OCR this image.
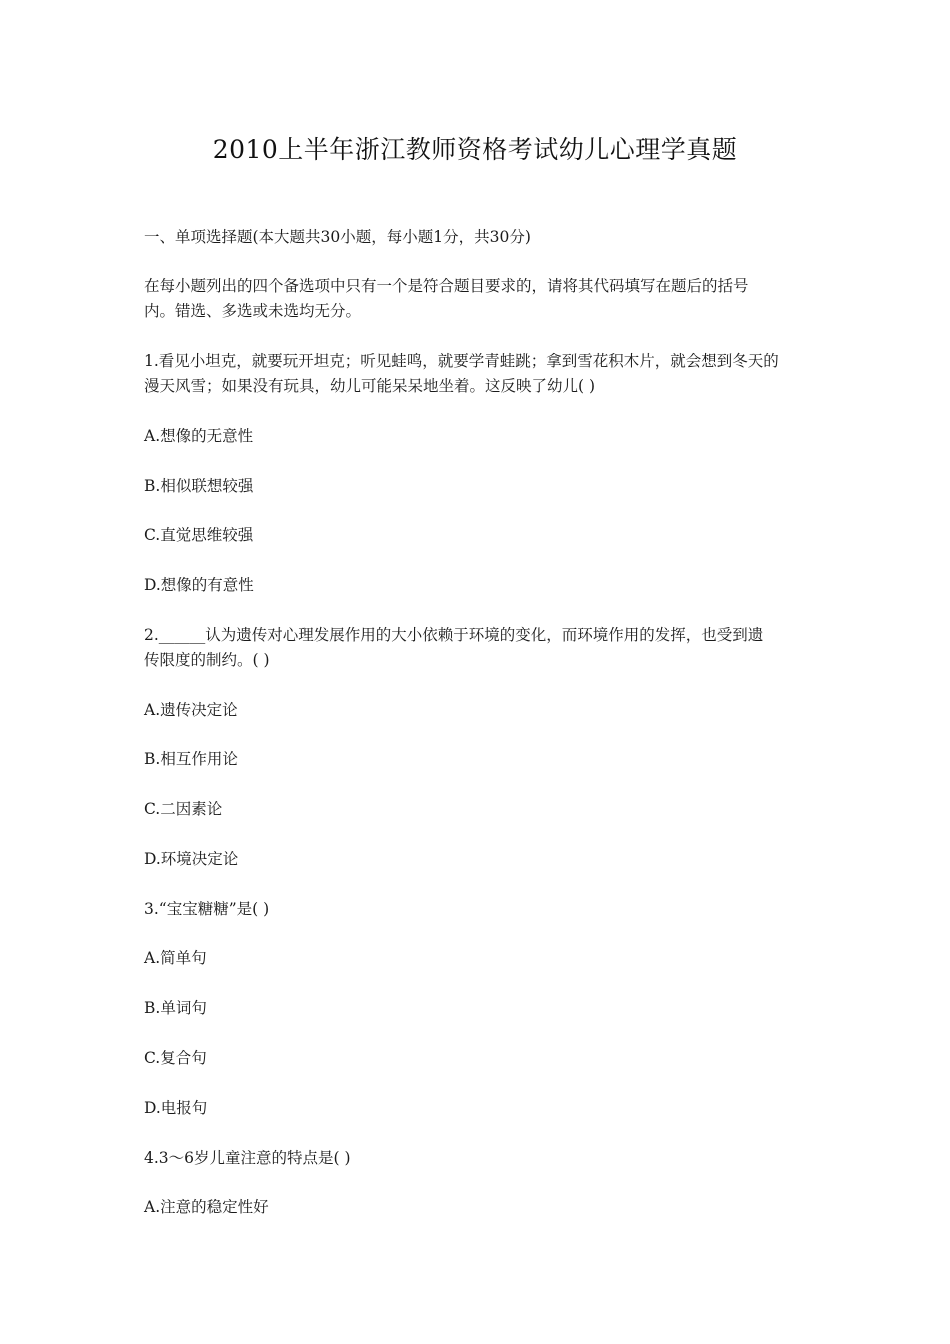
2010上半年浙江教师资格考试幼儿心理学真题
一、单项选择题(本大题共30小题，每小题1分，共30分)
在每小题列出的四个备选项中只有一个是符合题目要求的，请将其代码填写在题后的括号
内。错选、多选或未选均无分。
1.看见小坦克，就要玩开坦克；听见蛙鸣，就要学青蛙跳；拿到雪花积木片，就会想到冬天的
漫天风雪；如果没有玩具，幼儿可能呆呆地坐着。这反映了幼儿( )
A.想像的无意性
B.相似联想较强
C.直觉思维较强
D.想像的有意性
2.______认为遗传对心理发展作用的大小依赖于环境的变化，而环境作用的发挥，也受到遗
传限度的制约。( )
A.遗传决定论
B.相互作用论
C.二因素论
D.环境决定论
3.“宝宝糖糖”是( )
A.简单句
B.单词句
C.复合句
D.电报句
4.3～6岁儿童注意的特点是( )
A.注意的稳定性好
